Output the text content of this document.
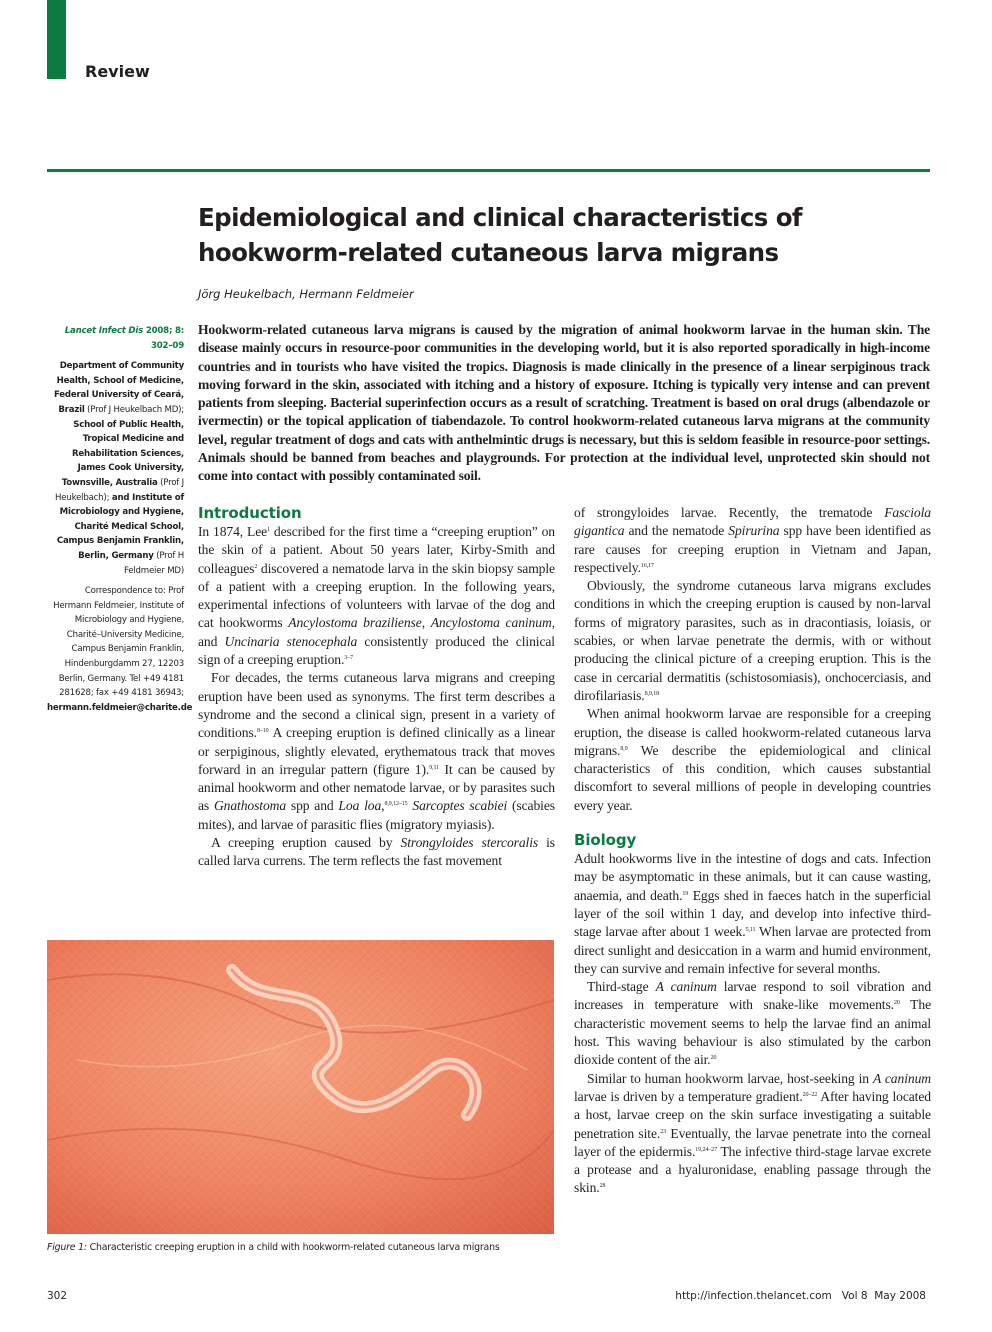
Review
Epidemiological and clinical characteristics of hookworm-related cutaneous larva migrans
Jörg Heukelbach, Hermann Feldmeier

Lancet Infect Dis 2008; 8: 302–09

Department of Community Health, School of Medicine, Federal University of Ceará, Brazil (Prof J Heukelbach MD); School of Public Health, Tropical Medicine and Rehabilitation Sciences, James Cook University, Townsville, Australia (Prof J Heukelbach); and Institute of Microbiology and Hygiene, Charité Medical School, Campus Benjamin Franklin, Berlin, Germany (Prof H Feldmeier MD)

Correspondence to: Prof Hermann Feldmeier, Institute of Microbiology and Hygiene, Charité–University Medicine, Campus Benjamin Franklin, Hindenburgdamm 27, 12203 Berlin, Germany. Tel +49 4181 281628; fax +49 4181 36943; hermann.feldmeier@charite.de

Hookworm-related cutaneous larva migrans is caused by the migration of animal hookworm larvae in the human skin. The disease mainly occurs in resource-poor communities in the developing world, but it is also reported sporadically in high-income countries and in tourists who have visited the tropics. Diagnosis is made clinically in the presence of a linear serpiginous track moving forward in the skin, associated with itching and a history of exposure. Itching is typically very intense and can prevent patients from sleeping. Bacterial superinfection occurs as a result of scratching. Treatment is based on oral drugs (albendazole or ivermectin) or the topical application of tiabendazole. To control hookworm-related cutaneous larva migrans at the community level, regular treatment of dogs and cats with anthelmintic drugs is necessary, but this is seldom feasible in resource-poor settings. Animals should be banned from beaches and playgrounds. For protection at the individual level, unprotected skin should not come into contact with possibly contaminated soil.

Introduction

In 1874, Lee$^1$ described for the first time a “creeping eruption” on the skin of a patient. About 50 years later, Kirby-Smith and colleagues$^2$ discovered a nematode larva in the skin biopsy sample of a patient with a creeping eruption. In the following years, experimental infections of volunteers with larvae of the dog and cat hookworms Ancylostoma braziliense, Ancylostoma caninum, and Uncinaria stenocephala consistently produced the clinical sign of a creeping eruption.$^{3-7}$

For decades, the terms cutaneous larva migrans and creeping eruption have been used as synonyms. The first term describes a syndrome and the second a clinical sign, present in a variety of conditions.$^{8-10}$ A creeping eruption is defined clinically as a linear or serpiginous, slightly elevated, erythematous track that moves forward in an irregular pattern (figure 1).$^{9,11}$ It can be caused by animal hookworm and other nematode larvae, or by parasites such as Gnathostoma spp and Loa loa,$^{8,9,12-15}$ Sarcoptes scabiei (scabies mites), and larvae of parasitic flies (migratory myiasis).

A creeping eruption caused by Strongyloides stercoralis is called larva currens. The term reflects the fast movement

of strongyloides larvae. Recently, the trematode Fasciola gigantica and the nematode Spirurina spp have been identified as rare causes for creeping eruption in Vietnam and Japan, respectively.$^{16,17}$

Obviously, the syndrome cutaneous larva migrans excludes conditions in which the creeping eruption is caused by non-larval forms of migratory parasites, such as in dracontiasis, loiasis, or scabies, or when larvae penetrate the dermis, with or without producing the clinical picture of a creeping eruption. This is the case in cercarial dermatitis (schistosomiasis), onchocerciasis, and dirofilariasis.$^{8,9,18}$

When animal hookworm larvae are responsible for a creeping eruption, the disease is called hookworm-related cutaneous larva migrans.$^{8,9}$ We describe the epidemiological and clinical characteristics of this condition, which causes substantial discomfort to several millions of people in developing countries every year.

Biology

Adult hookworms live in the intestine of dogs and cats. Infection may be asymptomatic in these animals, but it can cause wasting, anaemia, and death.$^{19}$ Eggs shed in faeces hatch in the superficial layer of the soil within 1 day, and develop into infective third-stage larvae after about 1 week.$^{5,11}$ When larvae are protected from direct sunlight and desiccation in a warm and humid environment, they can survive and remain infective for several months.

Third-stage A caninum larvae respond to soil vibration and increases in temperature with snake-like movements.$^{20}$ The characteristic movement seems to help the larvae find an animal host. This waving behaviour is also stimulated by the carbon dioxide content of the air.$^{20}$

Similar to human hookworm larvae, host-seeking in A caninum larvae is driven by a temperature gradient.$^{20-22}$ After having located a host, larvae creep on the skin surface investigating a suitable penetration site.$^{23}$ Eventually, the larvae penetrate into the corneal layer of the epidermis.$^{19,24-27}$ The infective third-stage larvae excrete a protease and a hyaluronidase, enabling passage through the skin.$^{28}$

Figure 1: Characteristic creeping eruption in a child with hookworm-related cutaneous larva migrans
302	http://infection.thelancet.com Vol 8 May 2008
